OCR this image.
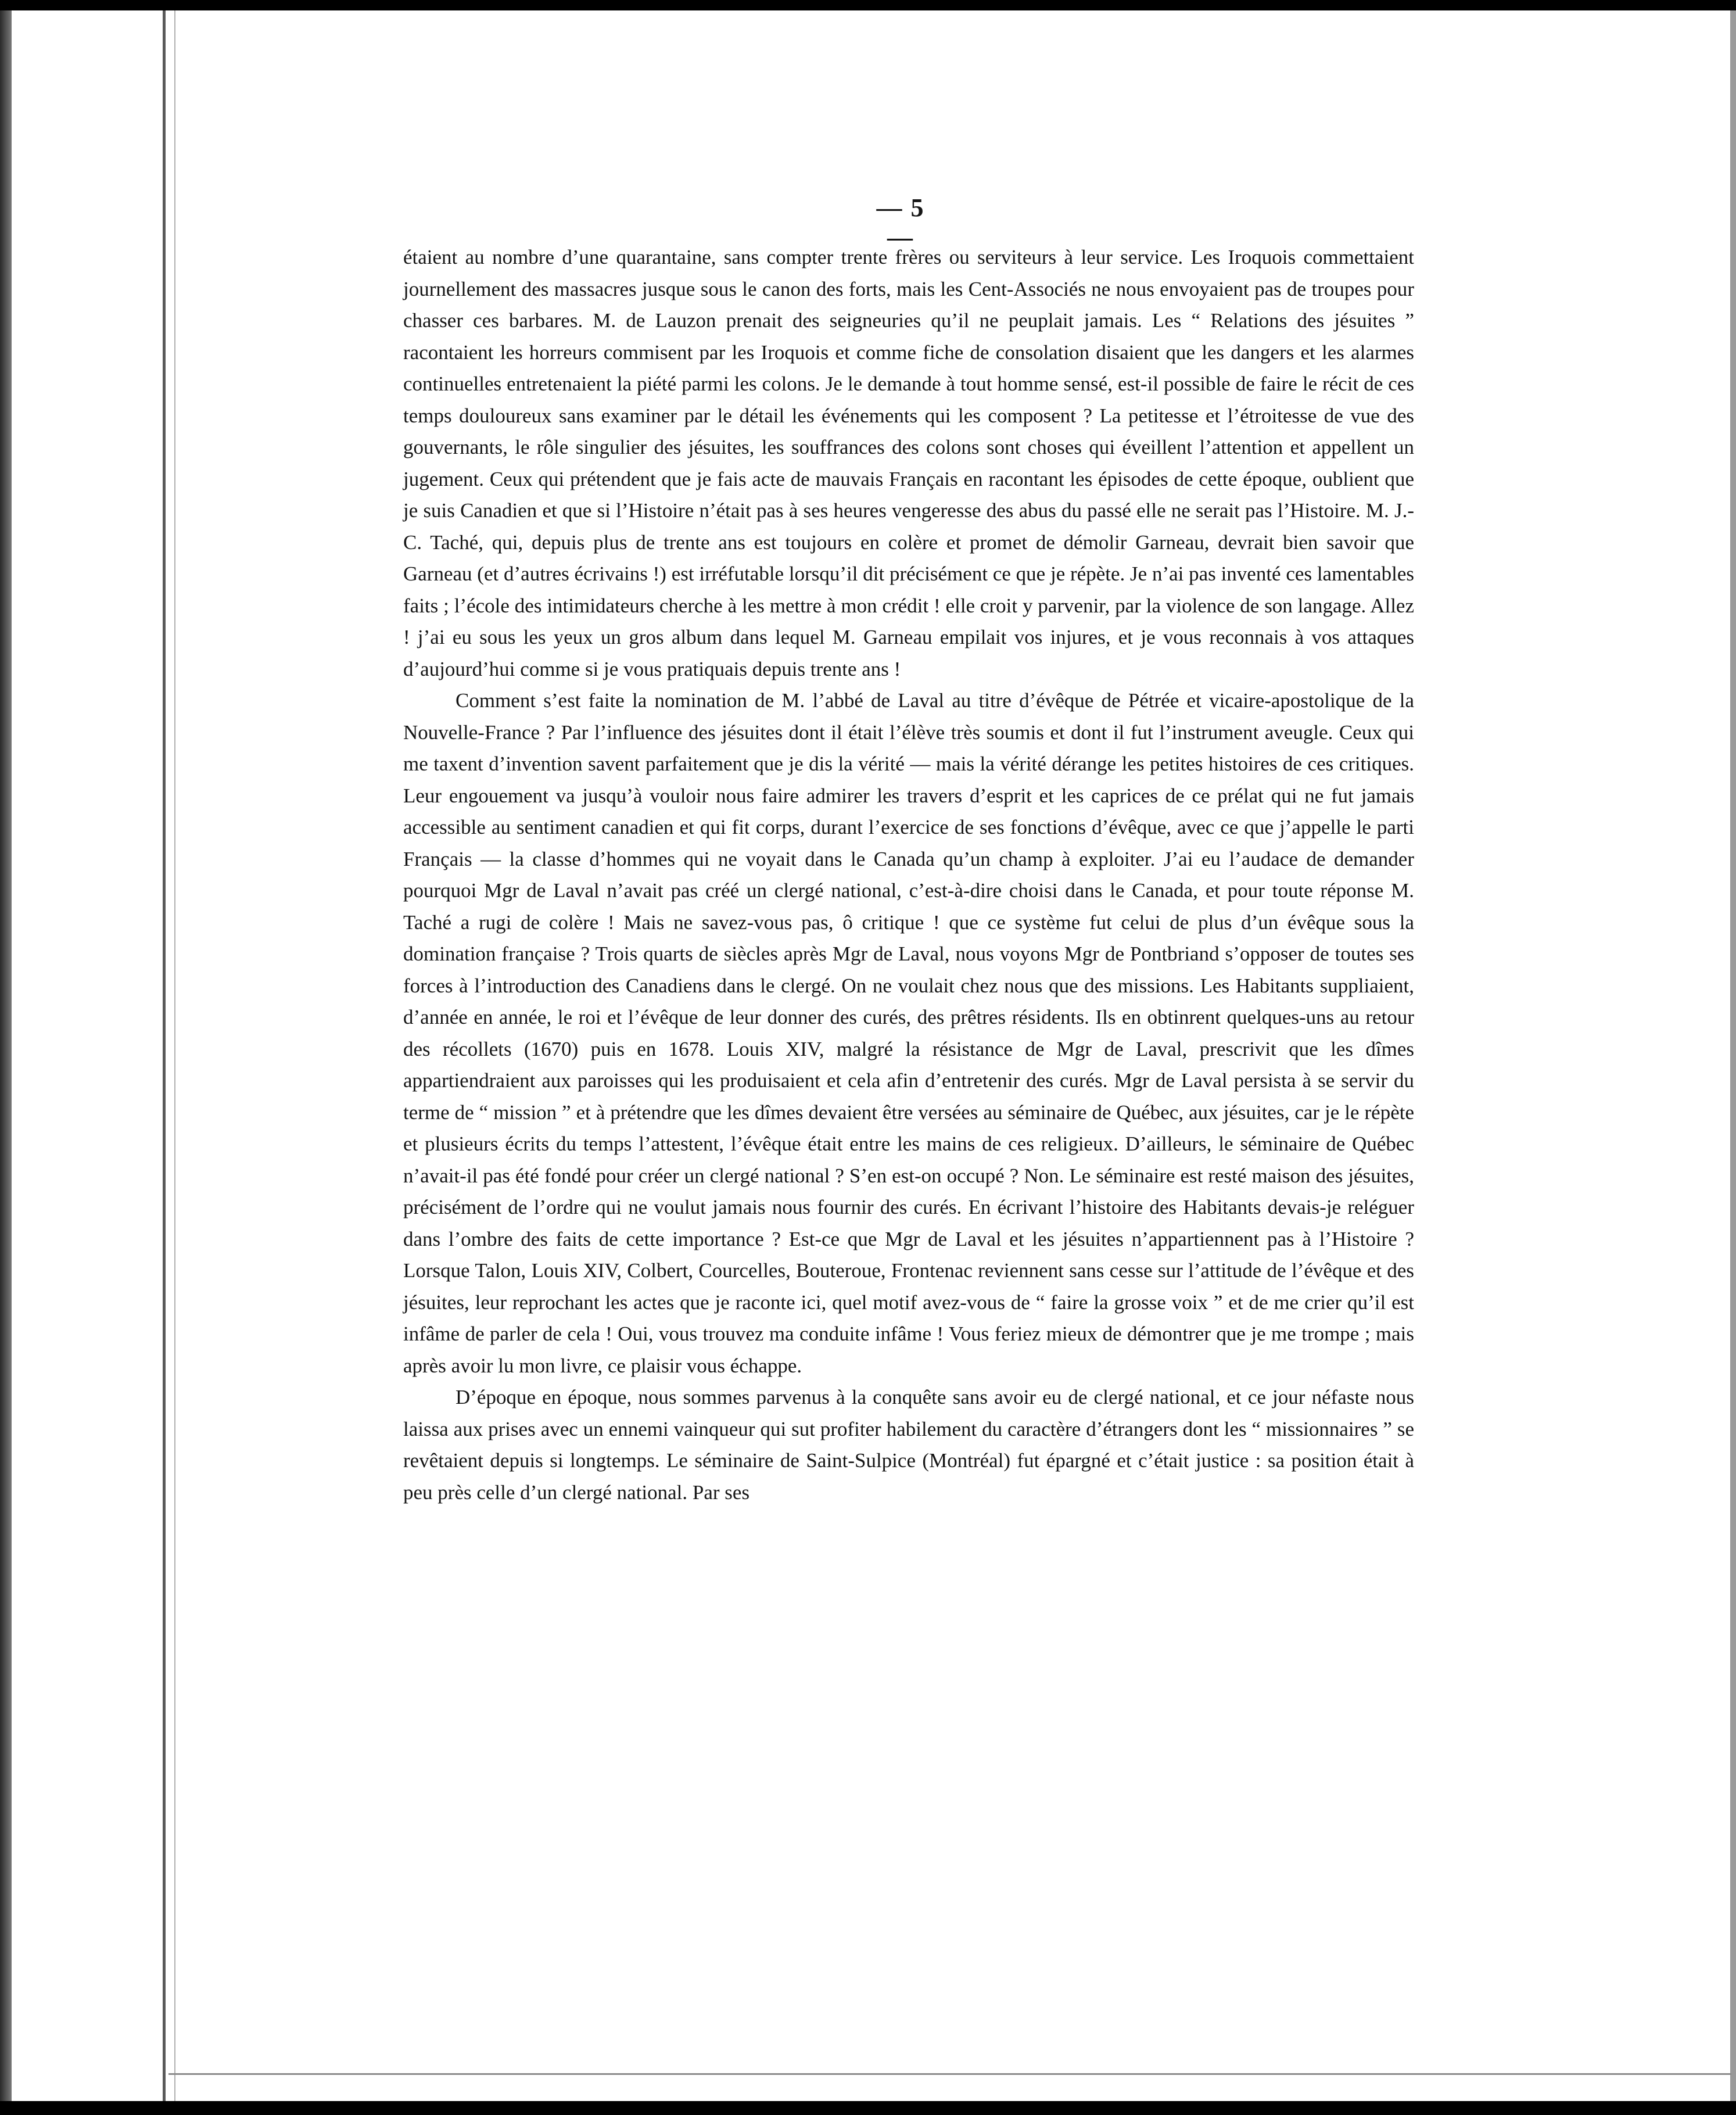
— 5 —

étaient au nombre d’une quarantaine, sans compter trente frères ou serviteurs à leur service. Les Iroquois commettaient journellement des massacres jusque sous le canon des forts, mais les Cent-Associés ne nous envoyaient pas de troupes pour chasser ces barbares. M. de Lauzon prenait des seigneuries qu’il ne peuplait jamais. Les “ Relations des jésuites ” racontaient les horreurs commisent par les Iroquois et comme fiche de consolation disaient que les dangers et les alarmes continuelles entretenaient la piété parmi les colons. Je le demande à tout homme sensé, est-il possible de faire le récit de ces temps douloureux sans examiner par le détail les événements qui les composent ? La petitesse et l’étroitesse de vue des gouvernants, le rôle singulier des jésuites, les souffrances des colons sont choses qui éveillent l’attention et appellent un jugement. Ceux qui prétendent que je fais acte de mauvais Français en racontant les épisodes de cette époque, oublient que je suis Canadien et que si l’Histoire n’était pas à ses heures vengeresse des abus du passé elle ne serait pas l’Histoire. M. J.-C. Taché, qui, depuis plus de trente ans est toujours en colère et promet de démolir Garneau, devrait bien savoir que Garneau (et d’autres écrivains !) est irréfutable lorsqu’il dit précisément ce que je répète. Je n’ai pas inventé ces lamentables faits ; l’école des intimidateurs cherche à les mettre à mon crédit ! elle croit y parvenir, par la violence de son langage. Allez ! j’ai eu sous les yeux un gros album dans lequel M. Garneau empilait vos injures, et je vous reconnais à vos attaques d’aujourd’hui comme si je vous pratiquais depuis trente ans !

Comment s’est faite la nomination de M. l’abbé de Laval au titre d’évêque de Pétrée et vicaire-apostolique de la Nouvelle-France ? Par l’influence des jésuites dont il était l’élève très soumis et dont il fut l’instrument aveugle. Ceux qui me taxent d’invention savent parfaitement que je dis la vérité — mais la vérité dérange les petites histoires de ces critiques. Leur engouement va jusqu’à vouloir nous faire admirer les travers d’esprit et les caprices de ce prélat qui ne fut jamais accessible au sentiment canadien et qui fit corps, durant l’exercice de ses fonctions d’évêque, avec ce que j’appelle le parti Français — la classe d’hommes qui ne voyait dans le Canada qu’un champ à exploiter. J’ai eu l’audace de demander pourquoi Mgr de Laval n’avait pas créé un clergé national, c’est-à-dire choisi dans le Canada, et pour toute réponse M. Taché a rugi de colère ! Mais ne savez-vous pas, ô critique ! que ce système fut celui de plus d’un évêque sous la domination française ? Trois quarts de siècles après Mgr de Laval, nous voyons Mgr de Pontbriand s’opposer de toutes ses forces à l’introduction des Canadiens dans le clergé. On ne voulait chez nous que des missions. Les Habitants suppliaient, d’année en année, le roi et l’évêque de leur donner des curés, des prêtres résidents. Ils en obtinrent quelques-uns au retour des récollets (1670) puis en 1678. Louis XIV, malgré la résistance de Mgr de Laval, prescrivit que les dîmes appartiendraient aux paroisses qui les produisaient et cela afin d’entretenir des curés. Mgr de Laval persista à se servir du terme de “ mission ” et à prétendre que les dîmes devaient être versées au séminaire de Québec, aux jésuites, car je le répète et plusieurs écrits du temps l’attestent, l’évêque était entre les mains de ces religieux. D’ailleurs, le séminaire de Québec n’avait-il pas été fondé pour créer un clergé national ? S’en est-on occupé ? Non. Le séminaire est resté maison des jésuites, précisément de l’ordre qui ne voulut jamais nous fournir des curés. En écrivant l’histoire des Habitants devais-je reléguer dans l’ombre des faits de cette importance ? Est-ce que Mgr de Laval et les jésuites n’appartiennent pas à l’Histoire ? Lorsque Talon, Louis XIV, Colbert, Courcelles, Bouteroue, Frontenac reviennent sans cesse sur l’attitude de l’évêque et des jésuites, leur reprochant les actes que je raconte ici, quel motif avez-vous de “ faire la grosse voix ” et de me crier qu’il est infâme de parler de cela ! Oui, vous trouvez ma conduite infâme ! Vous feriez mieux de démontrer que je me trompe ; mais après avoir lu mon livre, ce plaisir vous échappe.

D’époque en époque, nous sommes parvenus à la conquête sans avoir eu de clergé national, et ce jour néfaste nous laissa aux prises avec un ennemi vainqueur qui sut profiter habilement du caractère d’étrangers dont les “ missionnaires ” se revêtaient depuis si longtemps. Le séminaire de Saint-Sulpice (Montréal) fut épargné et c’était justice : sa position était à peu près celle d’un clergé national. Par ses
